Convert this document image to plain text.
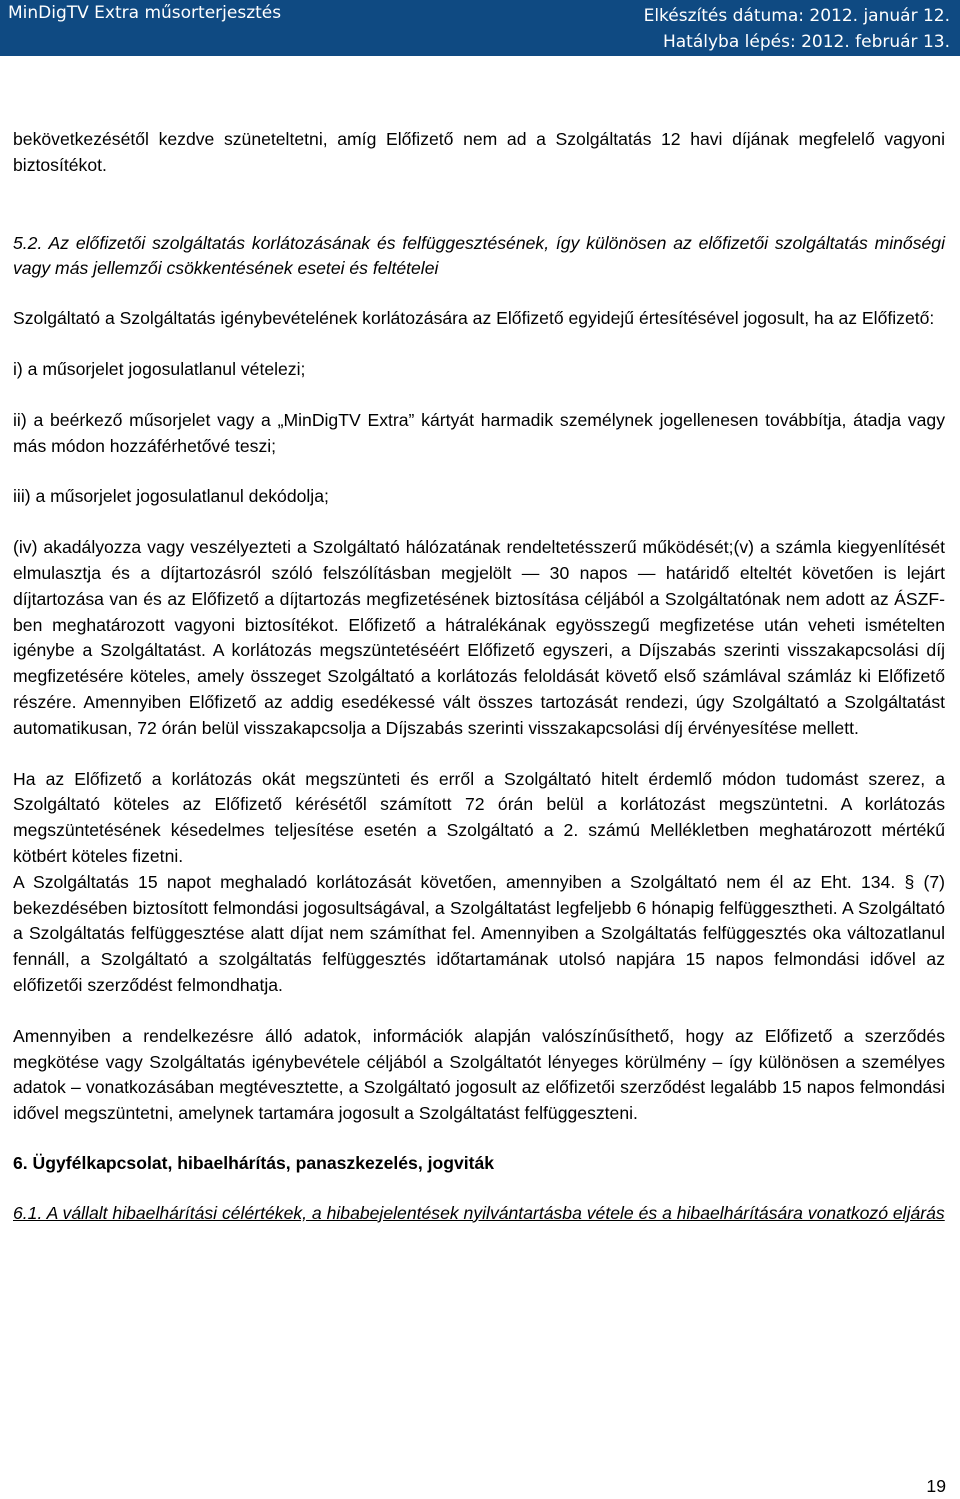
MinDigTV Extra műsorterjesztés	Elkészítés dátuma: 2012. január 12.
Hatályba lépés: 2012. február 13.

bekövetkezésétől kezdve szüneteltetni, amíg Előfizető nem ad a Szolgáltatás 12 havi díjának megfelelő vagyoni biztosítékot.

5.2. Az előfizetői szolgáltatás korlátozásának és felfüggesztésének, így különösen az előfizetői szolgáltatás minőségi vagy más jellemzői csökkentésének esetei és feltételei

Szolgáltató a Szolgáltatás igénybevételének korlátozására az Előfizető egyidejű értesítésével jogosult, ha az Előfizető:

i) a műsorjelet jogosulatlanul vételezi;

ii) a beérkező műsorjelet vagy a „MinDigTV Extra” kártyát harmadik személynek jogellenesen továbbítja, átadja vagy más módon hozzáférhetővé teszi;

iii) a műsorjelet jogosulatlanul dekódolja;

(iv) akadályozza vagy veszélyezteti a Szolgáltató hálózatának rendeltetésszerű működését;(v) a számla kiegyenlítését elmulasztja és a díjtartozásról szóló felszólításban megjelölt — 30 napos — határidő elteltét követően is lejárt díjtartozása van és az Előfizető a díjtartozás megfizetésének biztosítása céljából a Szolgáltatónak nem adott az ÁSZF-ben meghatározott vagyoni biztosítékot. Előfizető a hátralékának egyösszegű megfizetése után veheti ismételten igénybe a Szolgáltatást. A korlátozás megszüntetéséért Előfizető egyszeri, a Díjszabás szerinti visszakapcsolási díj megfizetésére köteles, amely összeget Szolgáltató a korlátozás feloldását követő első számlával számláz ki Előfizető részére. Amennyiben Előfizető az addig esedékessé vált összes tartozását rendezi, úgy Szolgáltató a Szolgáltatást automatikusan, 72 órán belül visszakapcsolja a Díjszabás szerinti visszakapcsolási díj érvényesítése mellett.

Ha az Előfizető a korlátozás okát megszünteti és erről a Szolgáltató hitelt érdemlő módon tudomást szerez, a Szolgáltató köteles az Előfizető kérésétől számított 72 órán belül a korlátozást megszüntetni. A korlátozás megszüntetésének késedelmes teljesítése esetén a Szolgáltató a 2. számú Mellékletben meghatározott mértékű kötbért köteles fizetni.

A Szolgáltatás 15 napot meghaladó korlátozását követően, amennyiben a Szolgáltató nem él az Eht. 134. § (7) bekezdésében biztosított felmondási jogosultságával, a Szolgáltatást legfeljebb 6 hónapig felfüggesztheti. A Szolgáltató a Szolgáltatás felfüggesztése alatt díjat nem számíthat fel. Amennyiben a Szolgáltatás felfüggesztés oka változatlanul fennáll, a Szolgáltató a szolgáltatás felfüggesztés időtartamának utolsó napjára 15 napos felmondási idővel az előfizetői szerződést felmondhatja.

Amennyiben a rendelkezésre álló adatok, információk alapján valószínűsíthető, hogy az Előfizető a szerződés megkötése vagy Szolgáltatás igénybevétele céljából a Szolgáltatót lényeges körülmény – így különösen a személyes adatok – vonatkozásában megtévesztette, a Szolgáltató jogosult az előfizetői szerződést legalább 15 napos felmondási idővel megszüntetni, amelynek tartamára jogosult a Szolgáltatást felfüggeszteni.

6. Ügyfélkapcsolat, hibaelhárítás, panaszkezelés, jogviták

6.1. A vállalt hibaelhárítási célértékek, a hibabejelentések nyilvántartásba vétele és a hibaelhárítására vonatkozó eljárás

19
